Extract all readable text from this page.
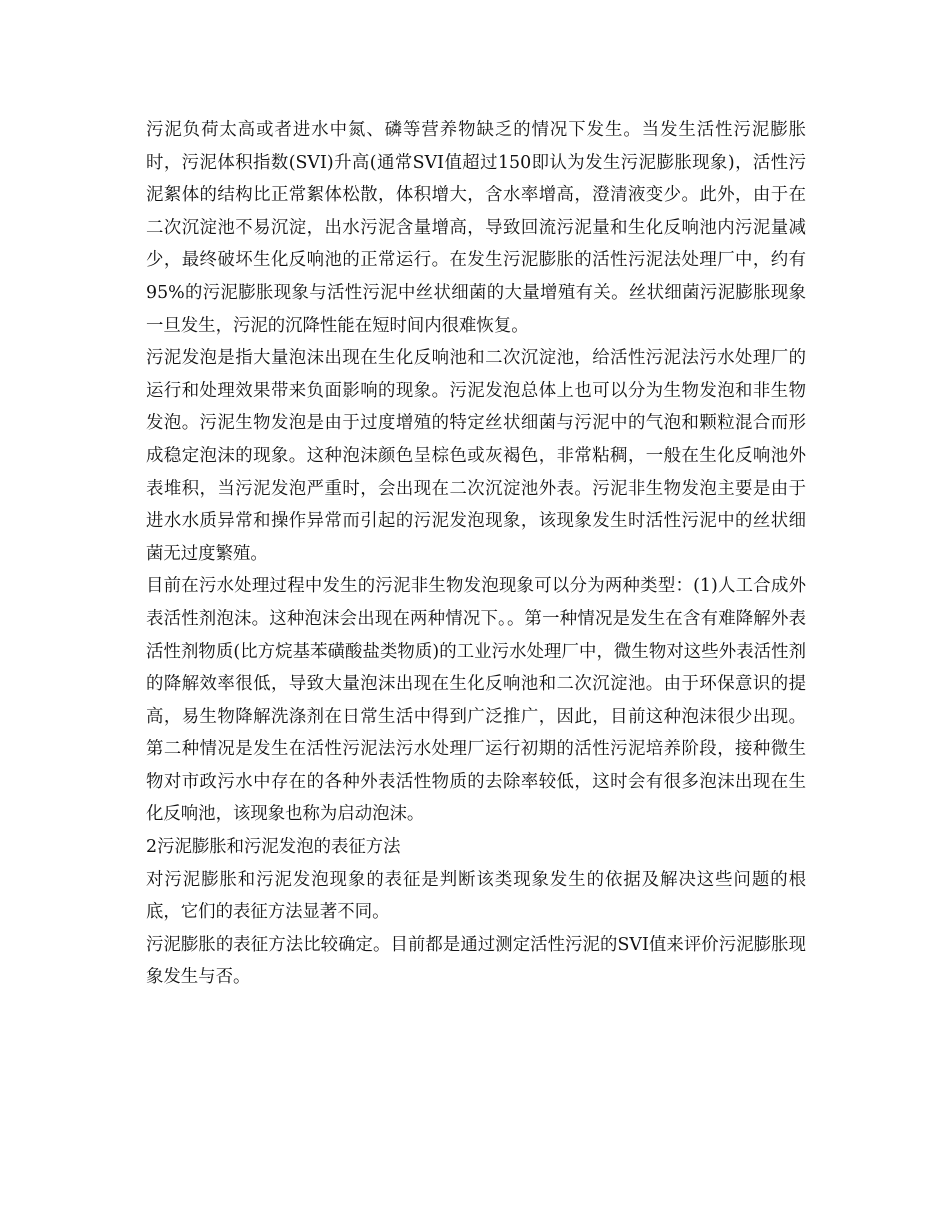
污泥负荷太高或者进水中氮、磷等营养物缺乏的情况下发生。当发生活性污泥膨胀时，污泥体积指数(SVI)升高(通常SVI值超过150即认为发生污泥膨胀现象)，活性污泥絮体的结构比正常絮体松散，体积增大，含水率增高，澄清液变少。此外，由于在二次沉淀池不易沉淀，出水污泥含量增高，导致回流污泥量和生化反响池内污泥量减少，最终破坏生化反响池的正常运行。在发生污泥膨胀的活性污泥法处理厂中，约有95%的污泥膨胀现象与活性污泥中丝状细菌的大量增殖有关。丝状细菌污泥膨胀现象一旦发生，污泥的沉降性能在短时间内很难恢复。

污泥发泡是指大量泡沫出现在生化反响池和二次沉淀池，给活性污泥法污水处理厂的运行和处理效果带来负面影响的现象。污泥发泡总体上也可以分为生物发泡和非生物发泡。污泥生物发泡是由于过度增殖的特定丝状细菌与污泥中的气泡和颗粒混合而形成稳定泡沫的现象。这种泡沫颜色呈棕色或灰褐色，非常粘稠，一般在生化反响池外表堆积，当污泥发泡严重时，会出现在二次沉淀池外表。污泥非生物发泡主要是由于进水水质异常和操作异常而引起的污泥发泡现象，该现象发生时活性污泥中的丝状细菌无过度繁殖。

目前在污水处理过程中发生的污泥非生物发泡现象可以分为两种类型：(1)人工合成外表活性剂泡沫。这种泡沫会出现在两种情况下。。第一种情况是发生在含有难降解外表活性剂物质(比方烷基苯磺酸盐类物质)的工业污水处理厂中，微生物对这些外表活性剂的降解效率很低，导致大量泡沫出现在生化反响池和二次沉淀池。由于环保意识的提高，易生物降解洗涤剂在日常生活中得到广泛推广，因此，目前这种泡沫很少出现。第二种情况是发生在活性污泥法污水处理厂运行初期的活性污泥培养阶段，接种微生物对市政污水中存在的各种外表活性物质的去除率较低，这时会有很多泡沫出现在生化反响池，该现象也称为启动泡沫。

2污泥膨胀和污泥发泡的表征方法

对污泥膨胀和污泥发泡现象的表征是判断该类现象发生的依据及解决这些问题的根底，它们的表征方法显著不同。

污泥膨胀的表征方法比较确定。目前都是通过测定活性污泥的SVI值来评价污泥膨胀现象发生与否。
